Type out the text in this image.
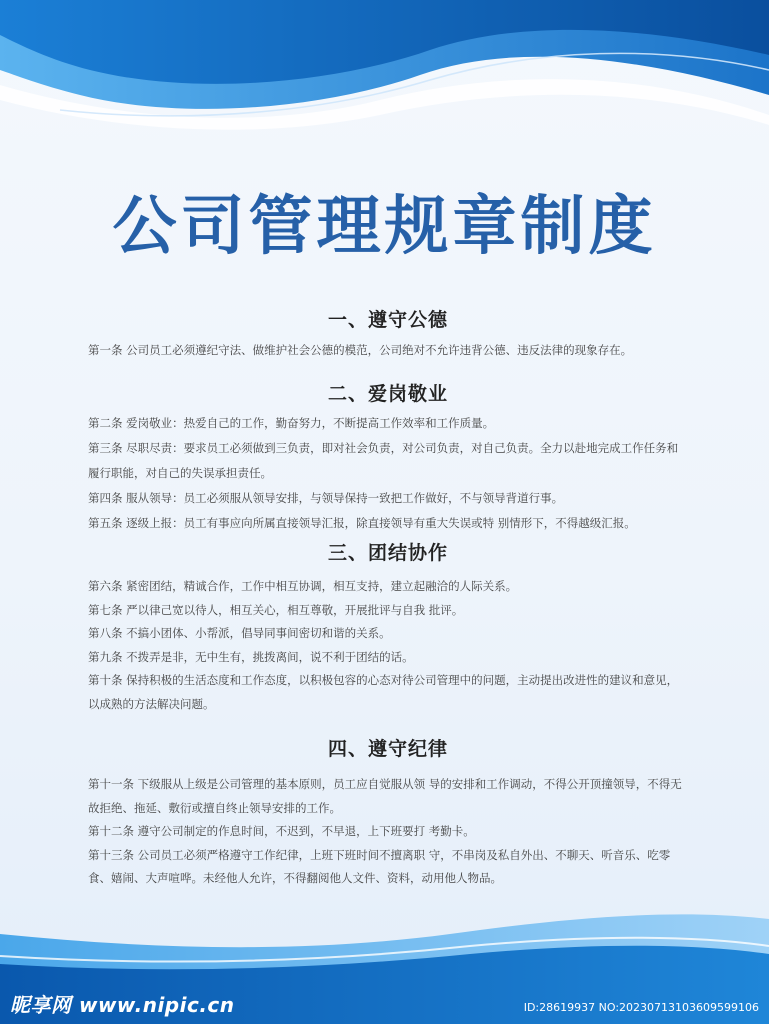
公司管理规章制度
一、遵守公德

第一条 公司员工必须遵纪守法、做维护社会公德的模范，公司绝对不允许违背公德、违反法律的现象存在。

二、爱岗敬业

第二条 爱岗敬业：热爱自己的工作，勤奋努力，不断提高工作效率和工作质量。

第三条 尽职尽责：要求员工必须做到三负责，即对社会负责，对公司负责，对自己负责。全力以赴地完成工作任务和履行职能，对自己的失误承担责任。

第四条 服从领导：员工必须服从领导安排，与领导保持一致把工作做好，不与领导背道行事。

第五条 逐级上报：员工有事应向所属直接领导汇报，除直接领导有重大失误或特 别情形下，不得越级汇报。

三、团结协作

第六条 紧密团结，精诚合作，工作中相互协调，相互支持，建立起融洽的人际关系。

第七条 严以律己宽以待人，相互关心，相互尊敬，开展批评与自我 批评。

第八条 不搞小团体、小帮派，倡导同事间密切和谐的关系。

第九条 不拨弄是非，无中生有，挑拨离间，说不利于团结的话。

第十条 保持积极的生活态度和工作态度，以积极包容的心态对待公司管理中的问题，主动提出改进性的建议和意见，以成熟的方法解决问题。

四、遵守纪律

第十一条 下级服从上级是公司管理的基本原则，员工应自觉服从领 导的安排和工作调动，不得公开顶撞领导，不得无故拒绝、拖延、敷衍或擅自终止领导安排的工作。

第十二条 遵守公司制定的作息时间，不迟到，不早退，上下班要打 考勤卡。

第十三条 公司员工必须严格遵守工作纪律，上班下班时间不擅离职 守，不串岗及私自外出、不聊天、听音乐、吃零食、嬉闹、大声喧哗。未经他人允许，不得翻阅他人文件、资料，动用他人物品。

昵享网 www.nipic.cn	ID:28619937 NO:20230713103609599106
